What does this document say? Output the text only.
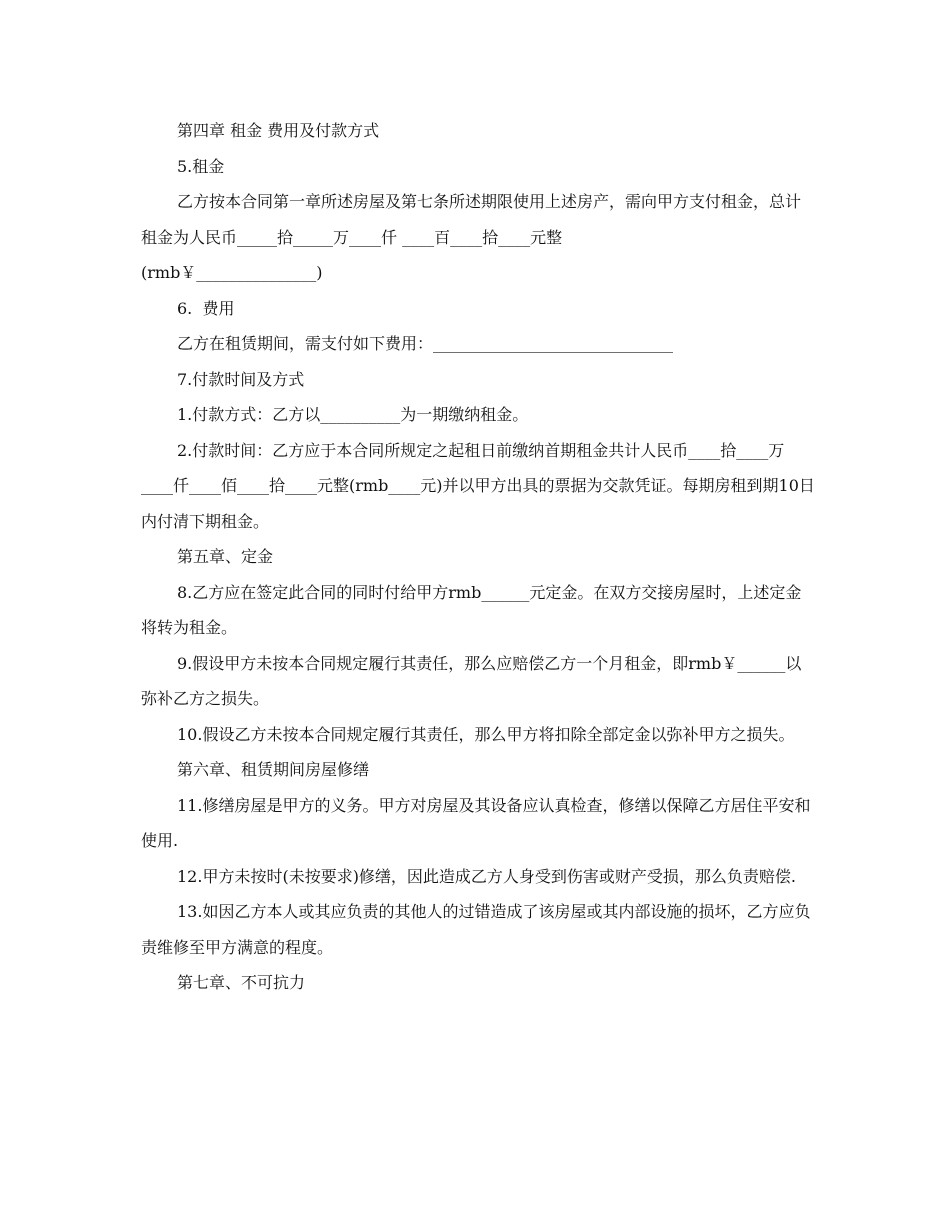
第四章 租金 费用及付款方式

5.租金

乙方按本合同第一章所述房屋及第七条所述期限使用上述房产，需向甲方支付租金，总计租金为人民币_____拾_____万____仟 ____百____拾____元整

(rmb￥_______________)

6.  费用

乙方在租赁期间，需支付如下费用：______________________________

7.付款时间及方式

1.付款方式：乙方以__________为一期缴纳租金。

2.付款时间：乙方应于本合同所规定之起租日前缴纳首期租金共计人民币____拾____万____仟____佰____拾____元整(rmb____元)并以甲方出具的票据为交款凭证。每期房租到期10日内付清下期租金。

第五章、定金

8.乙方应在签定此合同的同时付给甲方rmb______元定金。在双方交接房屋时，上述定金将转为租金。

9.假设甲方未按本合同规定履行其责任，那么应赔偿乙方一个月租金，即rmb￥______以弥补乙方之损失。

10.假设乙方未按本合同规定履行其责任，那么甲方将扣除全部定金以弥补甲方之损失。

第六章、租赁期间房屋修缮

11.修缮房屋是甲方的义务。甲方对房屋及其设备应认真检查，修缮以保障乙方居住平安和使用.

12.甲方未按时(未按要求)修缮，因此造成乙方人身受到伤害或财产受损，那么负责赔偿.

13.如因乙方本人或其应负责的其他人的过错造成了该房屋或其内部设施的损坏，乙方应负责维修至甲方满意的程度。

第七章、不可抗力
